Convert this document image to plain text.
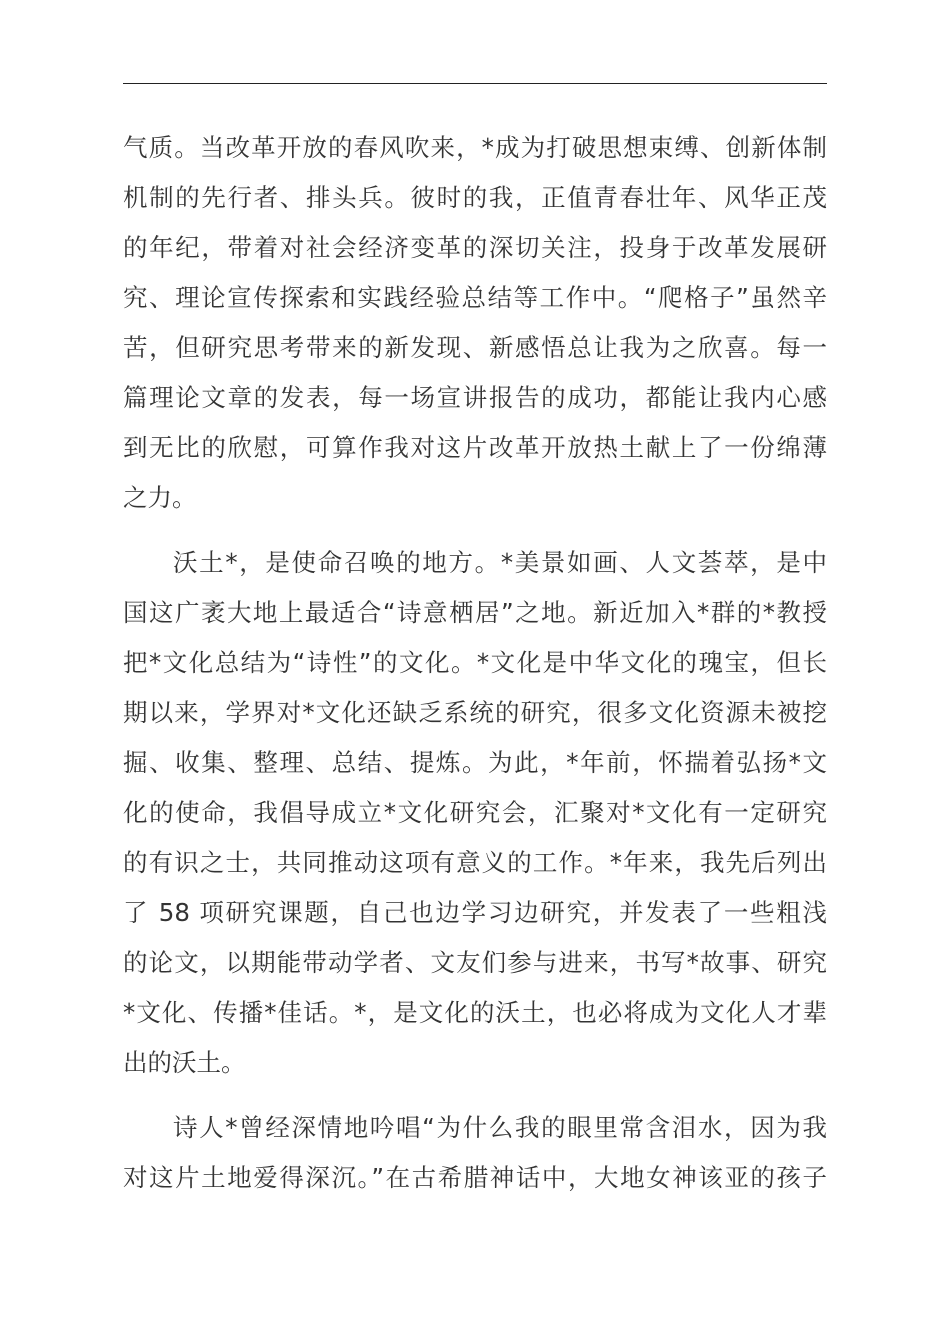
气质。当改革开放的春风吹来，*成为打破思想束缚、创新体制
机制的先行者、排头兵。彼时的我，正值青春壮年、风华正茂
的年纪，带着对社会经济变革的深切关注，投身于改革发展研
究、理论宣传探索和实践经验总结等工作中。“爬格子”虽然辛
苦，但研究思考带来的新发现、新感悟总让我为之欣喜。每一
篇理论文章的发表，每一场宣讲报告的成功，都能让我内心感
到无比的欣慰，可算作我对这片改革开放热土献上了一份绵薄
之力。
沃土*，是使命召唤的地方。*美景如画、人文荟萃，是中
国这广袤大地上最适合“诗意栖居”之地。新近加入*群的*教授
把*文化总结为“诗性”的文化。*文化是中华文化的瑰宝，但长
期以来，学界对*文化还缺乏系统的研究，很多文化资源未被挖
掘、收集、整理、总结、提炼。为此，*年前，怀揣着弘扬*文
化的使命，我倡导成立*文化研究会，汇聚对*文化有一定研究
的有识之士，共同推动这项有意义的工作。*年来，我先后列出
了 58 项研究课题，自己也边学习边研究，并发表了一些粗浅
的论文，以期能带动学者、文友们参与进来，书写*故事、研究
*文化、传播*佳话。*，是文化的沃土，也必将成为文化人才辈
出的沃土。
诗人*曾经深情地吟唱“为什么我的眼里常含泪水，因为我
对这片土地爱得深沉。”在古希腊神话中，大地女神该亚的孩子
